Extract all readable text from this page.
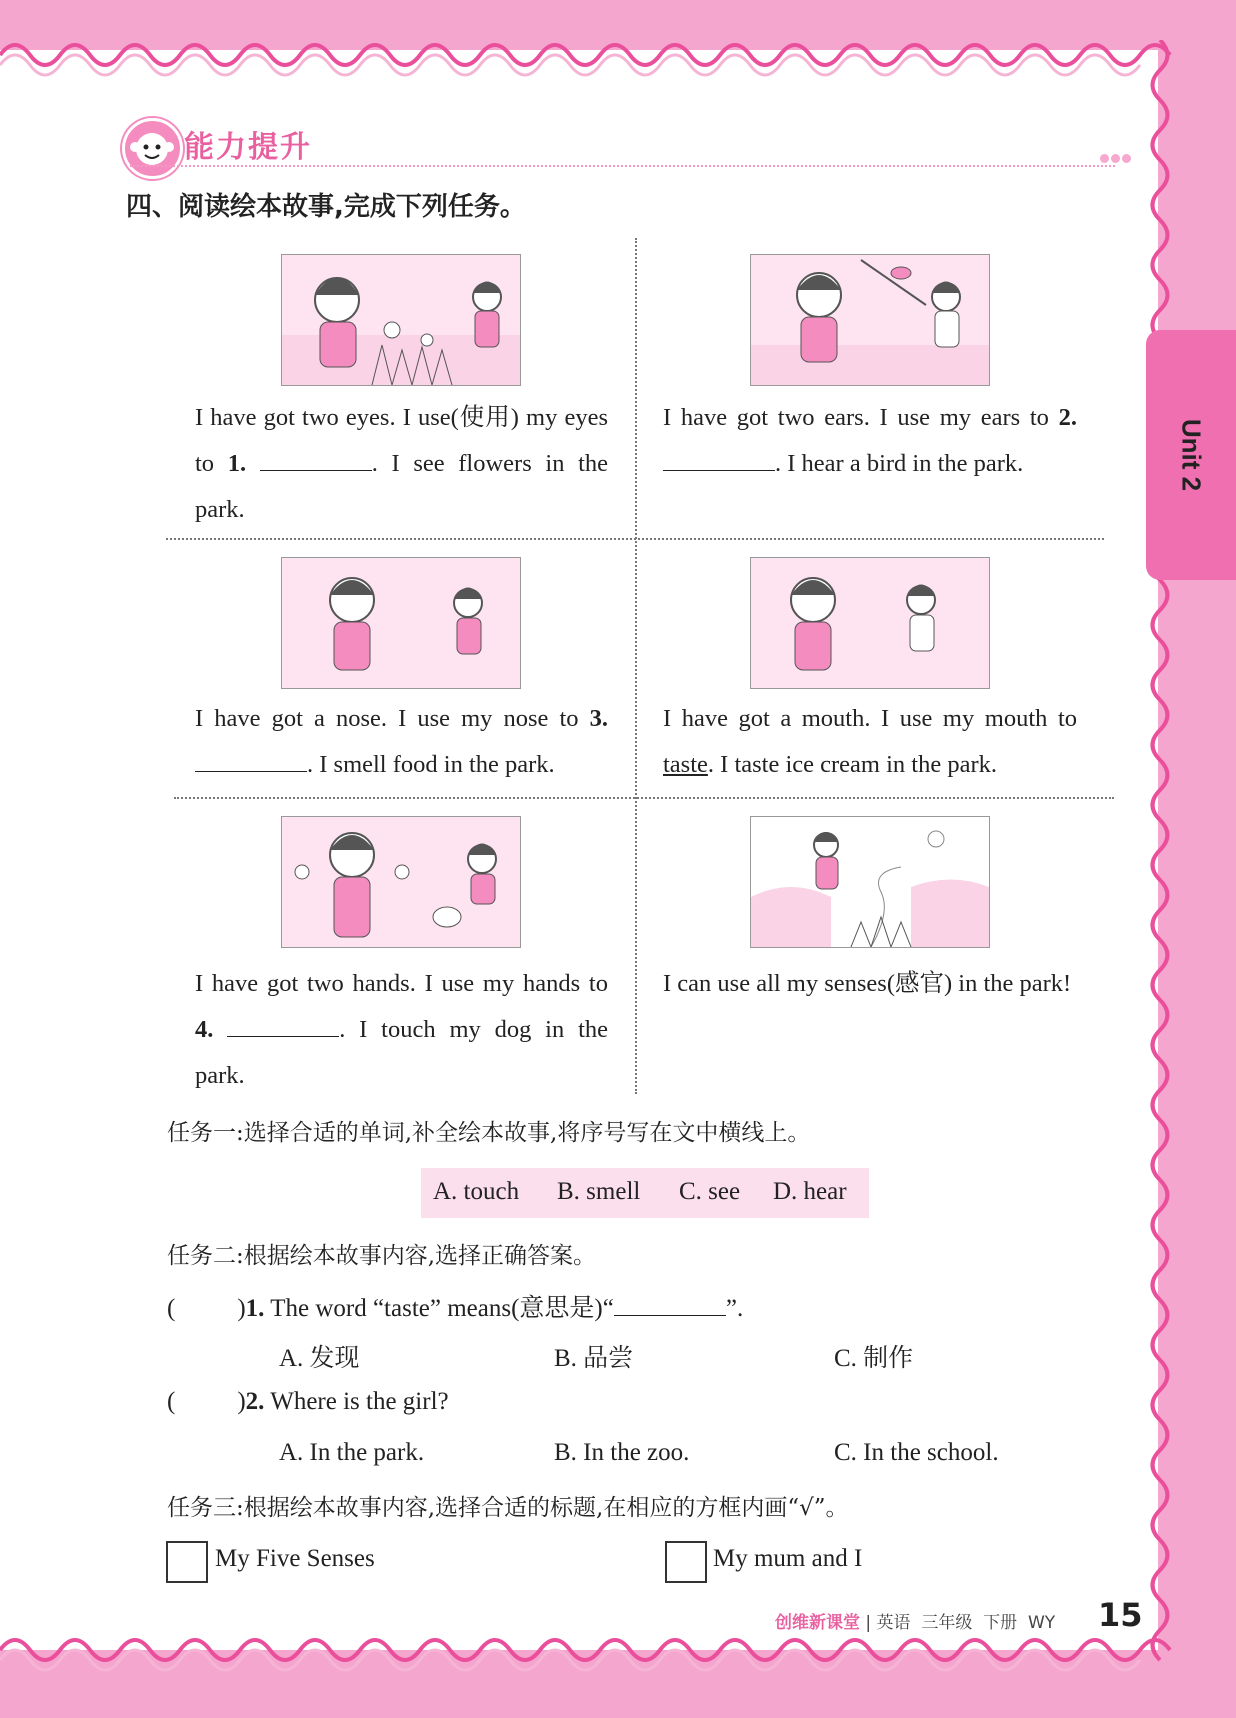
Unit 2
能力提升
四、阅读绘本故事,完成下列任务。
I have got two eyes. I use(使用) my eyes to 1.	. I see flowers in the park.
I have got two ears. I use my ears to 2. . I hear a bird in the park.
I have got a nose. I use my nose to 3. . I smell food in the park.
I have got a mouth. I use my mouth to taste. I taste ice cream in the park.
I have got two hands. I use my hands to 4.	. I touch my dog in the park.
I can use all my senses(感官) in the park!
任务一:选择合适的单词,补全绘本故事,将序号写在文中横线上。
A. touch B. smell C. see D. hear
任务二:根据绘本故事内容,选择正确答案。
( )1. The word “taste” means(意思是)“	”.
A. 发现	B. 品尝	C. 制作
( )2. Where is the girl?
A. In the park.	B. In the zoo.	C. In the school.
任务三:根据绘本故事内容,选择合适的标题,在相应的方框内画“√”。
My Five Senses	My mum and I
创维新课堂 | 英语 三年级 下册 WY 15
